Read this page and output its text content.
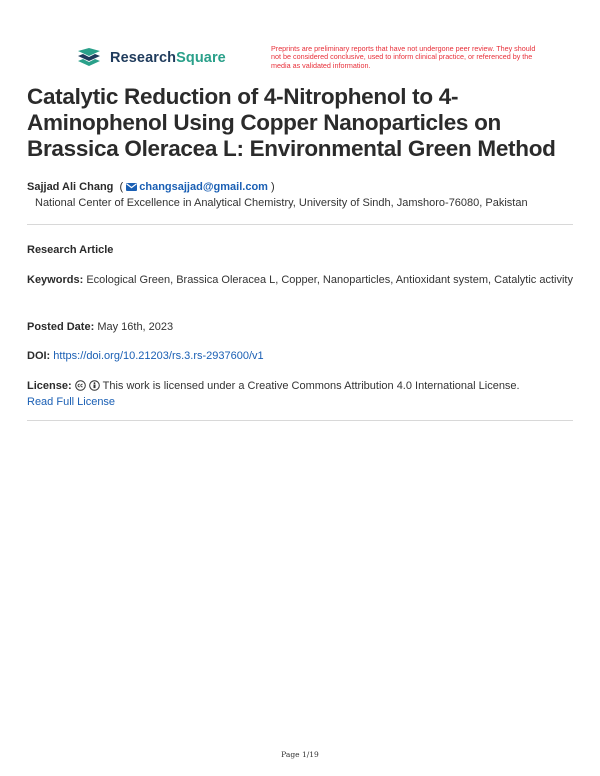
ResearchSquare
Preprints are preliminary reports that have not undergone peer review. They should not be considered conclusive, used to inform clinical practice, or referenced by the media as validated information.
Catalytic Reduction of 4-Nitrophenol to 4-Aminophenol Using Copper Nanoparticles on Brassica Oleracea L: Environmental Green Method
Sajjad Ali Chang  ( changsajjad@gmail.com )
National Center of Excellence in Analytical Chemistry, University of Sindh, Jamshoro-76080, Pakistan
Research Article
Keywords: Ecological Green, Brassica Oleracea L, Copper, Nanoparticles, Antioxidant system, Catalytic activity
Posted Date: May 16th, 2023
DOI: https://doi.org/10.21203/rs.3.rs-2937600/v1
License:	This work is licensed under a Creative Commons Attribution 4.0 International License.
Read Full License
Page 1/19
